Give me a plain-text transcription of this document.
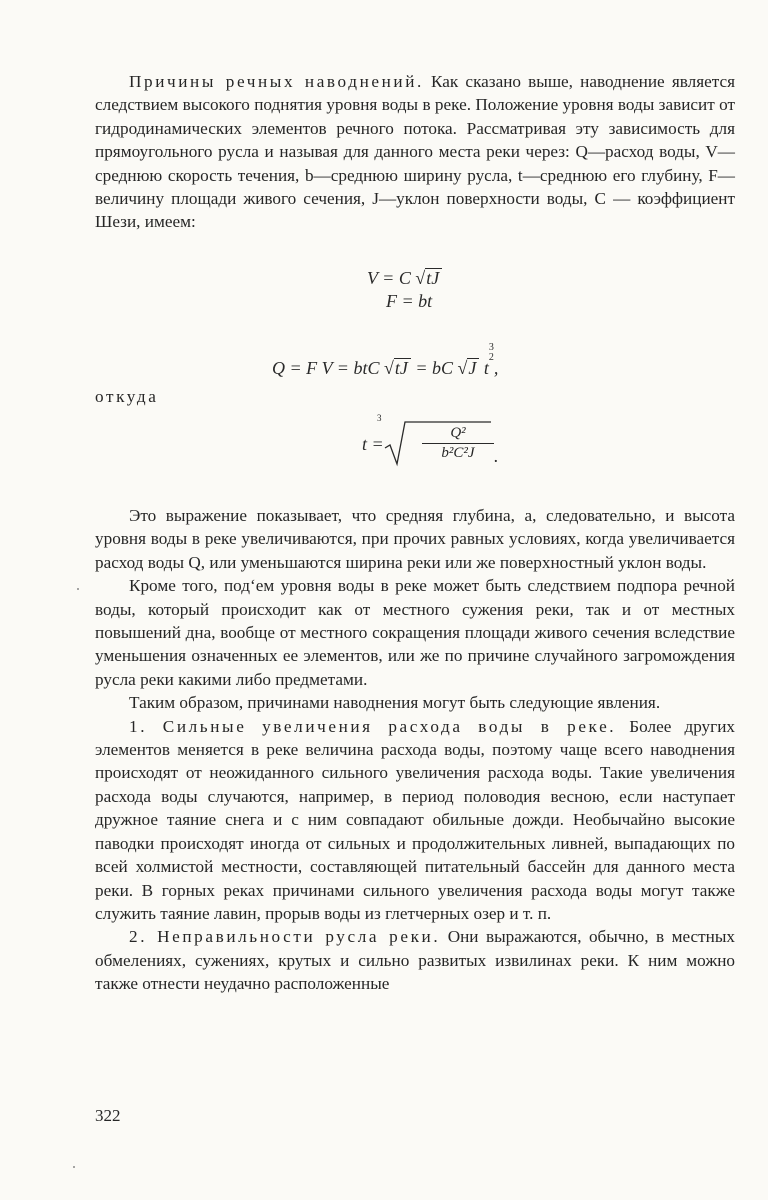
Причины речных наводнений. Как сказано выше, наводнение является следствием высокого поднятия уровня воды в реке. Положение уровня воды зависит от гидродинамических элементов речного потока. Рассматривая эту зависимость для прямоугольного русла и называя для данного места реки через: Q—расход воды, V—среднюю скорость течения, b—среднюю ширину русла, t—среднюю его глубину, F—величину площади живого сечения, J—уклон поверхности воды, C — коэффициент Шези, имеем:

V = C √tJ
F = bt
Q = F V = btC √tJ = bC √J t
3
2
,
откуда
t =
3
$\frac{\text{Q²}}{\text{b²C²J}}$ .

Это выражение показывает, что средняя глубина, а, следовательно, и высота уровня воды в реке увеличиваются, при прочих равных условиях, когда увеличивается расход воды Q, или уменьшаются ширина реки или же поверхностный уклон воды.

Кроме того, под‘ем уровня воды в реке может быть следствием подпора речной воды, который происходит как от местного сужения реки, так и от местных повышений дна, вообще от местного сокращения площади живого сечения вследствие уменьшения означенных ее элементов, или же по причине случайного загромождения русла реки какими либо предметами.

Таким образом, причинами наводнения могут быть следующие явления.

1. Сильные увеличения расхода воды в реке. Более других элементов меняется в реке величина расхода воды, поэтому чаще всего наводнения происходят от неожиданного сильного увеличения расхода воды. Такие увеличения расхода воды случаются, например, в период половодия весною, если наступает дружное таяние снега и с ним совпадают обильные дожди. Необычайно высокие паводки происходят иногда от сильных и продолжительных ливней, выпадающих по всей холмистой местности, составляющей питательный бассейн для данного места реки. В горных реках причинами сильного увеличения расхода воды могут также служить таяние лавин, прорыв воды из глетчерных озер и т. п.

2. Неправильности русла реки. Они выражаются, обычно, в местных обмелениях, сужениях, крутых и сильно развитых извилинах реки. К ним можно также отнести неудачно расположенные

322
